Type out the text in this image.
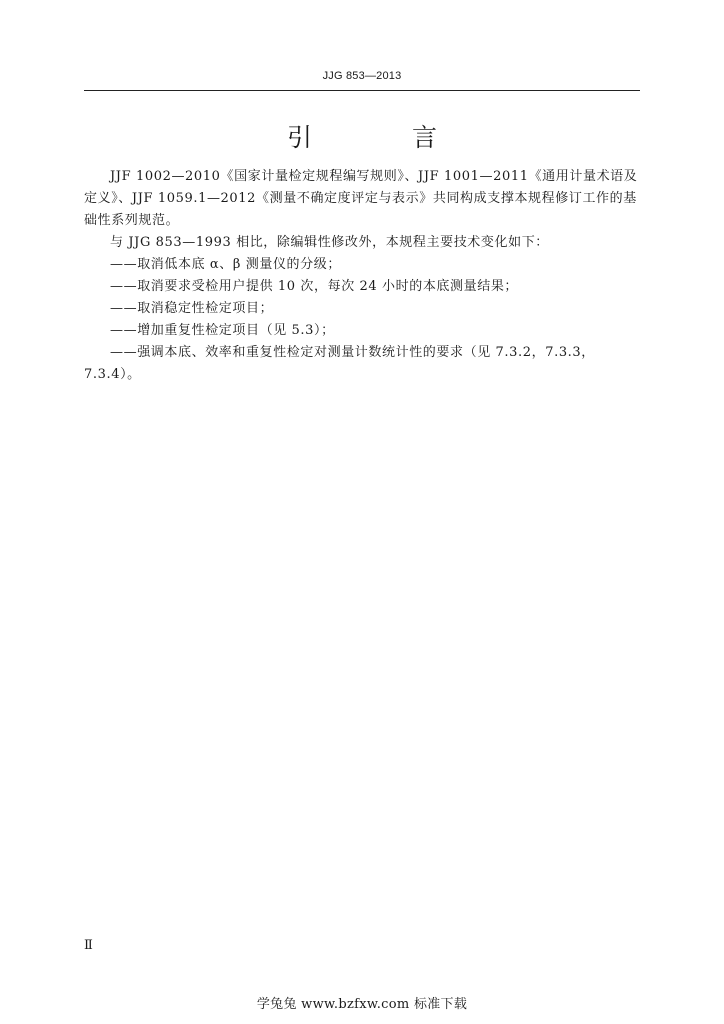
JJG 853—2013
引 言

JJF 1002—2010《国家计量检定规程编写规则》、JJF 1001—2011《通用计量术语及定义》、JJF 1059.1—2012《测量不确定度评定与表示》共同构成支撑本规程修订工作的基础性系列规范。

与 JJG 853—1993 相比，除编辑性修改外，本规程主要技术变化如下：

——取消低本底 α、β 测量仪的分级；

——取消要求受检用户提供 10 次，每次 24 小时的本底测量结果；

——取消稳定性检定项目；

——增加重复性检定项目（见 5.3）；

——强调本底、效率和重复性检定对测量计数统计性的要求（见 7.3.2，7.3.3，7.3.4）。

Ⅱ
学兔兔 www.bzfxw.com 标准下载
